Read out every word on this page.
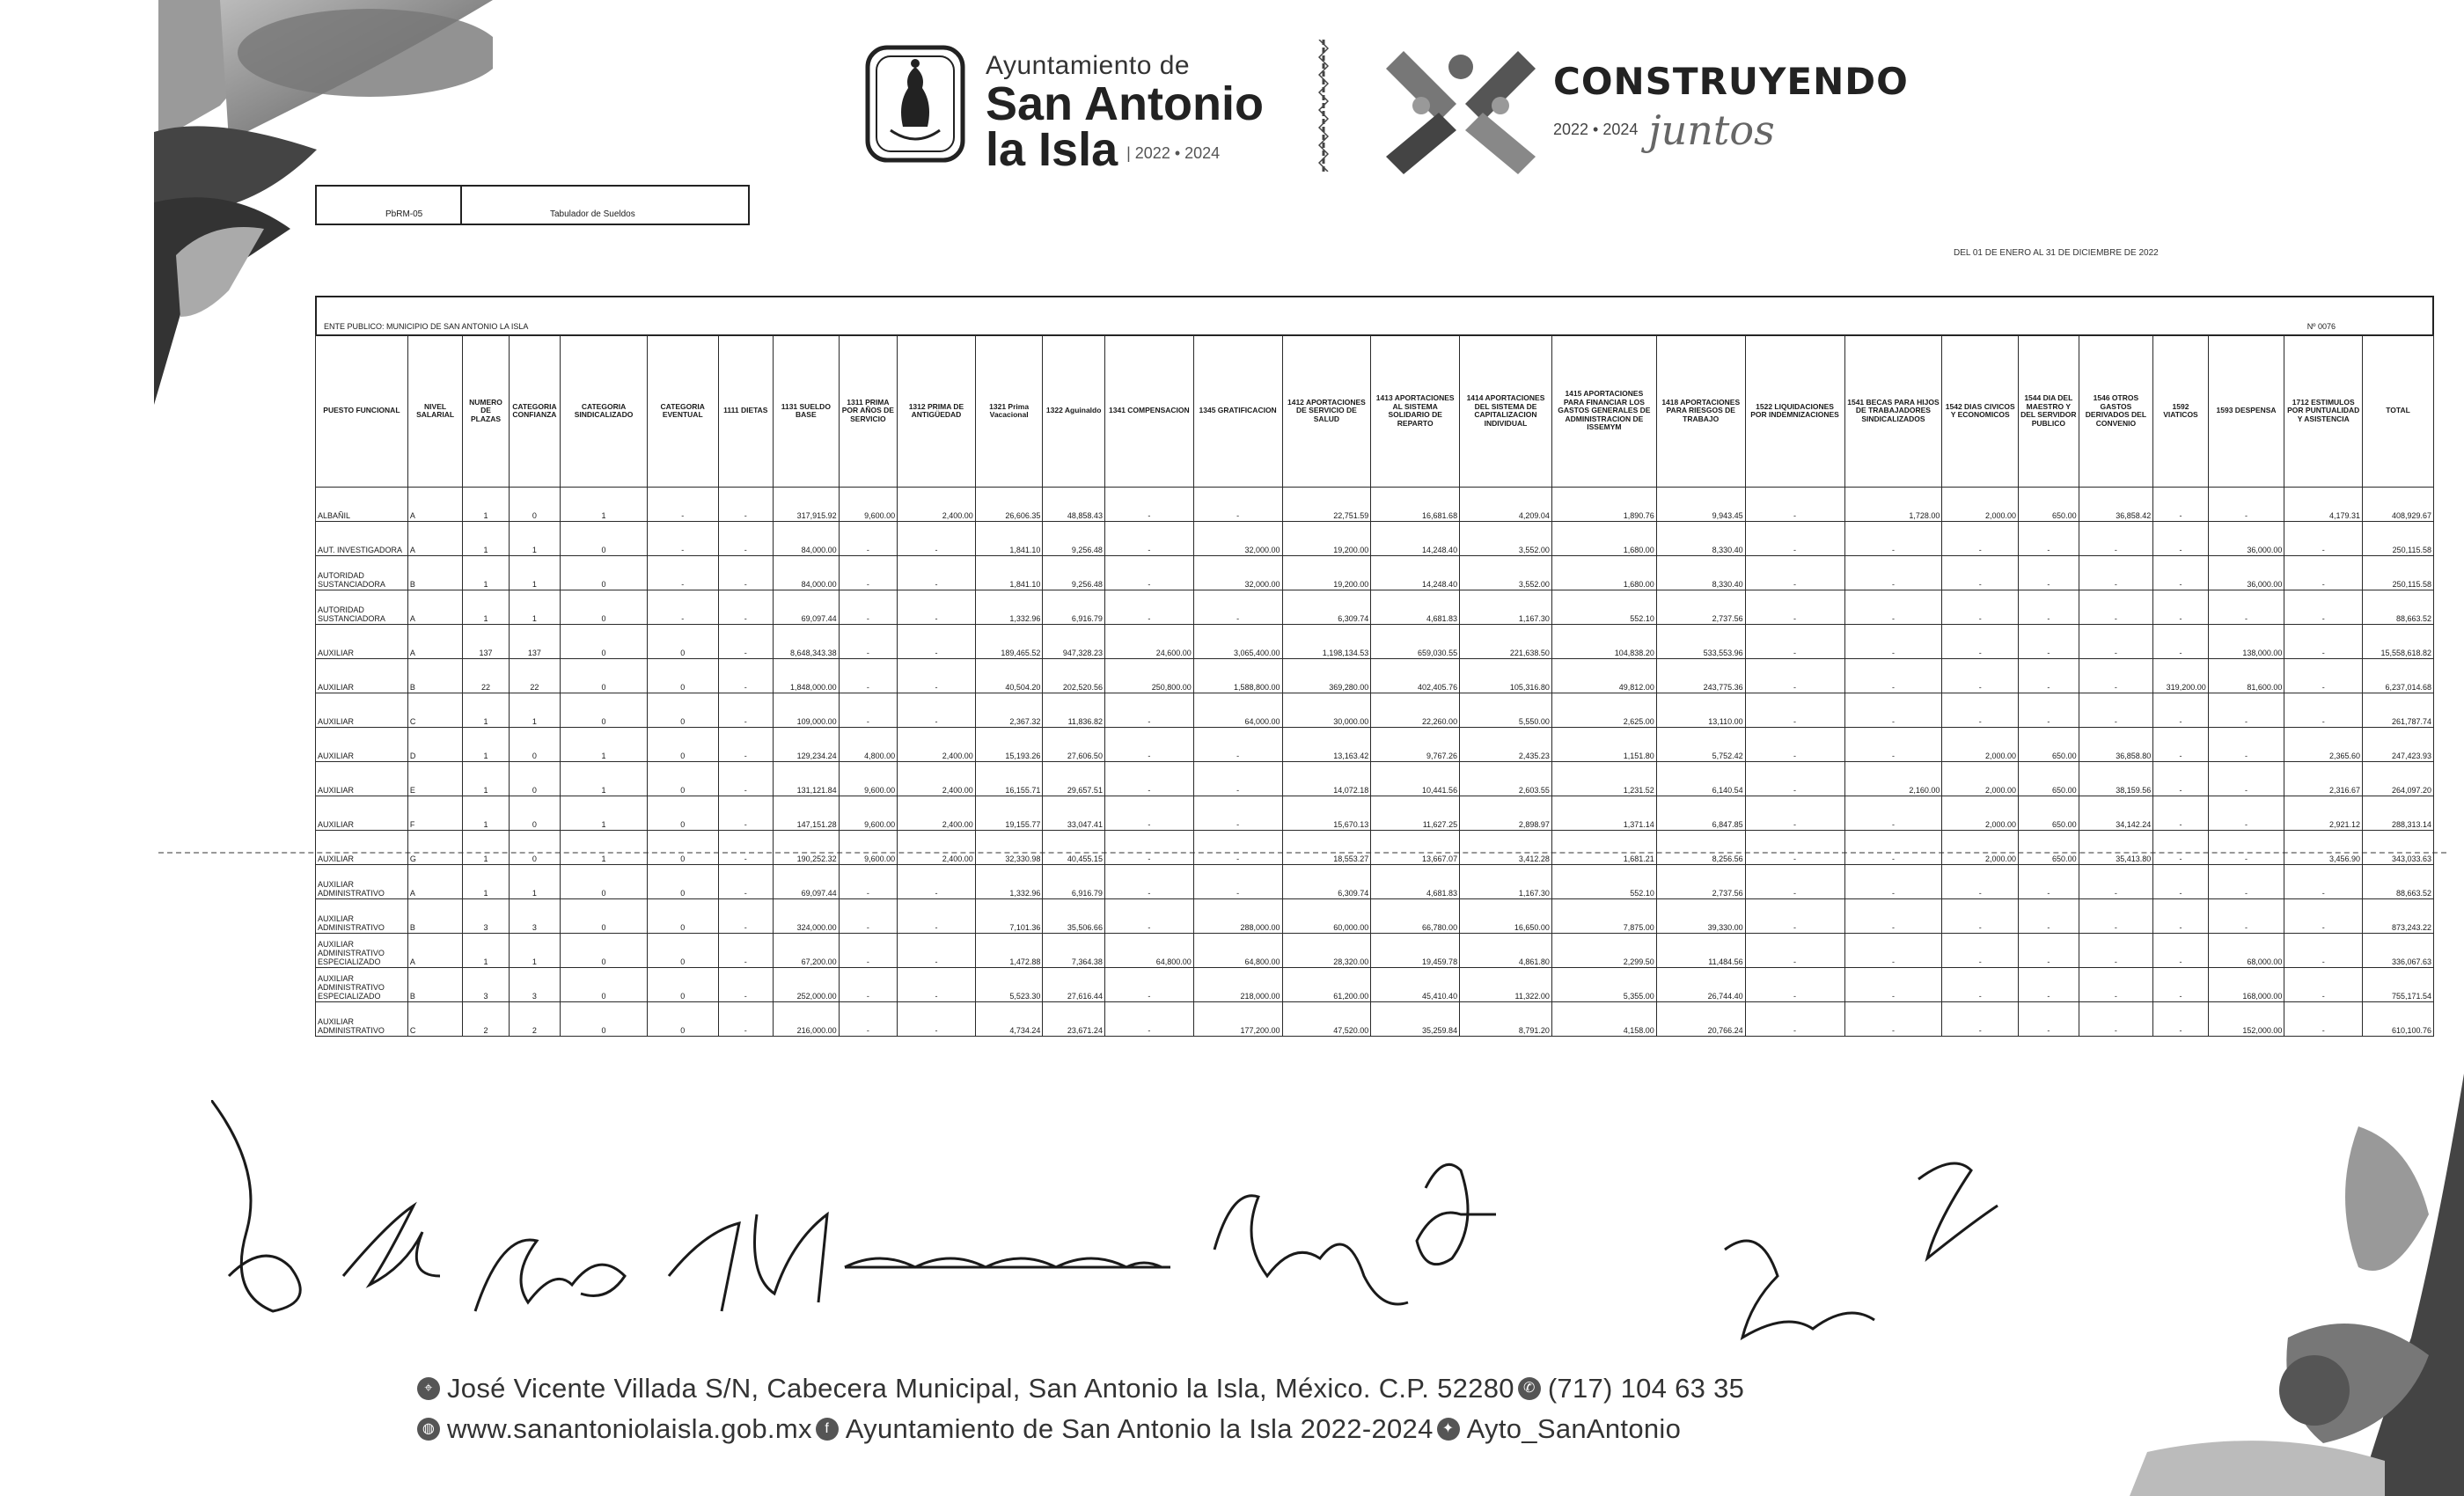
Ayuntamiento de
San Antonio
la Isla | 2022 • 2024
CONSTRUYENDO
2022 • 2024 juntos
PbRM-05	Tabulador de Sueldos
DEL 01 DE ENERO AL 31 DE DICIEMBRE DE 2022
ENTE PUBLICO: MUNICIPIO DE SAN ANTONIO LA ISLA	Nº 0076
PUESTO FUNCIONAL	NIVEL SALARIAL	NUMERO DE PLAZAS	CATEGORIA CONFIANZA	CATEGORIA SINDICALIZADO	CATEGORIA EVENTUAL	1111 DIETAS	1131 SUELDO BASE	1311 PRIMA POR AÑOS DE SERVICIO	1312 PRIMA DE ANTIGÜEDAD	1321 Prima Vacacional	1322 Aguinaldo	1341 COMPENSACION	1345 GRATIFICACION	1412 APORTACIONES DE SERVICIO DE SALUD	1413 APORTACIONES AL SISTEMA SOLIDARIO DE REPARTO	1414 APORTACIONES DEL SISTEMA DE CAPITALIZACION INDIVIDUAL	1415 APORTACIONES PARA FINANCIAR LOS GASTOS GENERALES DE ADMINISTRACION DE ISSEMYM	1418 APORTACIONES PARA RIESGOS DE TRABAJO	1522 LIQUIDACIONES POR INDEMNIZACIONES	1541 BECAS PARA HIJOS DE TRABAJADORES SINDICALIZADOS	1542 DIAS CIVICOS Y ECONOMICOS	1544 DIA DEL MAESTRO Y DEL SERVIDOR PUBLICO	1546 OTROS GASTOS DERIVADOS DEL CONVENIO	1592 VIATICOS	1593 DESPENSA	1712 ESTIMULOS POR PUNTUALIDAD Y ASISTENCIA	TOTAL
ALBAÑIL	A	1	0	1	-	-	317,915.92	9,600.00	2,400.00	26,606.35	48,858.43	-	-	22,751.59	16,681.68	4,209.04	1,890.76	9,943.45	-	1,728.00	2,000.00	650.00	36,858.42	-	-	4,179.31	408,929.67
AUT. INVESTIGADORA	A	1	1	0	-	-	84,000.00	-	-	1,841.10	9,256.48	-	32,000.00	19,200.00	14,248.40	3,552.00	1,680.00	8,330.40	-	-	-	-	-	-	36,000.00	-	250,115.58
AUTORIDAD SUSTANCIADORA	B	1	1	0	-	-	84,000.00	-	-	1,841.10	9,256.48	-	32,000.00	19,200.00	14,248.40	3,552.00	1,680.00	8,330.40	-	-	-	-	-	-	36,000.00	-	250,115.58
AUTORIDAD SUSTANCIADORA	A	1	1	0	-	-	69,097.44	-	-	1,332.96	6,916.79	-	-	6,309.74	4,681.83	1,167.30	552.10	2,737.56	-	-	-	-	-	-	-	-	88,663.52
AUXILIAR	A	137	137	0	0	-	8,648,343.38	-	-	189,465.52	947,328.23	24,600.00	3,065,400.00	1,198,134.53	659,030.55	221,638.50	104,838.20	533,553.96	-	-	-	-	-	-	138,000.00	-	15,558,618.82
AUXILIAR	B	22	22	0	0	-	1,848,000.00	-	-	40,504.20	202,520.56	250,800.00	1,588,800.00	369,280.00	402,405.76	105,316.80	49,812.00	243,775.36	-	-	-	-	-	319,200.00	81,600.00	-	6,237,014.68
AUXILIAR	C	1	1	0	0	-	109,000.00	-	-	2,367.32	11,836.82	-	64,000.00	30,000.00	22,260.00	5,550.00	2,625.00	13,110.00	-	-	-	-	-	-	-	-	261,787.74
AUXILIAR	D	1	0	1	0	-	129,234.24	4,800.00	2,400.00	15,193.26	27,606.50	-	-	13,163.42	9,767.26	2,435.23	1,151.80	5,752.42	-	-	2,000.00	650.00	36,858.80	-	-	2,365.60	247,423.93
AUXILIAR	E	1	0	1	0	-	131,121.84	9,600.00	2,400.00	16,155.71	29,657.51	-	-	14,072.18	10,441.56	2,603.55	1,231.52	6,140.54	-	2,160.00	2,000.00	650.00	38,159.56	-	-	2,316.67	264,097.20
AUXILIAR	F	1	0	1	0	-	147,151.28	9,600.00	2,400.00	19,155.77	33,047.41	-	-	15,670.13	11,627.25	2,898.97	1,371.14	6,847.85	-	-	2,000.00	650.00	34,142.24	-	-	2,921.12	288,313.14
AUXILIAR	G	1	0	1	0	-	190,252.32	9,600.00	2,400.00	32,330.98	40,455.15	-	-	18,553.27	13,667.07	3,412.28	1,681.21	8,256.56	-	-	2,000.00	650.00	35,413.80	-	-	3,456.90	343,033.63
AUXILIAR ADMINISTRATIVO	A	1	1	0	0	-	69,097.44	-	-	1,332.96	6,916.79	-	-	6,309.74	4,681.83	1,167.30	552.10	2,737.56	-	-	-	-	-	-	-	-	88,663.52
AUXILIAR ADMINISTRATIVO	B	3	3	0	0	-	324,000.00	-	-	7,101.36	35,506.66	-	288,000.00	60,000.00	66,780.00	16,650.00	7,875.00	39,330.00	-	-	-	-	-	-	-	-	873,243.22
AUXILIAR ADMINISTRATIVO ESPECIALIZADO	A	1	1	0	0	-	67,200.00	-	-	1,472.88	7,364.38	64,800.00	64,800.00	28,320.00	19,459.78	4,861.80	2,299.50	11,484.56	-	-	-	-	-	-	68,000.00	-	336,067.63
AUXILIAR ADMINISTRATIVO ESPECIALIZADO	B	3	3	0	0	-	252,000.00	-	-	5,523.30	27,616.44	-	218,000.00	61,200.00	45,410.40	11,322.00	5,355.00	26,744.40	-	-	-	-	-	-	168,000.00	-	755,171.54
AUXILIAR ADMINISTRATIVO	C	2	2	0	0	-	216,000.00	-	-	4,734.24	23,671.24	-	177,200.00	47,520.00	35,259.84	8,791.20	4,158.00	20,766.24	-	-	-	-	-	-	152,000.00	-	610,100.76
⌖ José Vicente Villada S/N, Cabecera Municipal, San Antonio la Isla, México. C.P. 52280 ✆ (717) 104 63 35
◍ www.sanantoniolaisla.gob.mx f Ayuntamiento de San Antonio la Isla 2022-2024 ✦ Ayto_SanAntonio
